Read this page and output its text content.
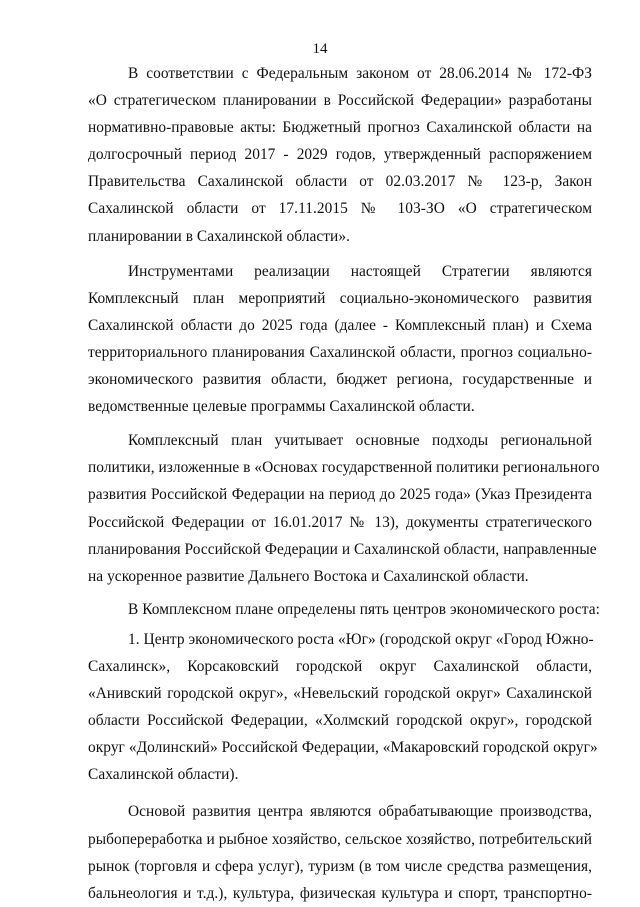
14
В соответствии с Федеральным законом от 28.06.2014 № 172-ФЗ
«О стратегическом планировании в Российской Федерации» разработаны
нормативно-правовые акты: Бюджетный прогноз Сахалинской области на
долгосрочный период 2017 - 2029 годов, утвержденный распоряжением
Правительства Сахалинской области от 02.03.2017 № 123-р, Закон
Сахалинской области от 17.11.2015 № 103-ЗО «О стратегическом
планировании в Сахалинской области».
Инструментами реализации настоящей Стратегии являются
Комплексный план мероприятий социально-экономического развития
Сахалинской области до 2025 года (далее - Комплексный план) и Схема
территориального планирования Сахалинской области, прогноз социально-
экономического развития области, бюджет региона, государственные и
ведомственные целевые программы Сахалинской области.
Комплексный план учитывает основные подходы региональной
политики, изложенные в «Основах государственной политики регионального
развития Российской Федерации на период до 2025 года» (Указ Президента
Российской Федерации от 16.01.2017 № 13), документы стратегического
планирования Российской Федерации и Сахалинской области, направленные
на ускоренное развитие Дальнего Востока и Сахалинской области.
В Комплексном плане определены пять центров экономического роста:
1. Центр экономического роста «Юг» (городской округ «Город Южно-
Сахалинск», Корсаковский городской округ Сахалинской области,
«Анивский городской округ», «Невельский городской округ» Сахалинской
области Российской Федерации, «Холмский городской округ», городской
округ «Долинский» Российской Федерации, «Макаровский городской округ»
Сахалинской области).
Основой развития центра являются обрабатывающие производства,
рыбопереработка и рыбное хозяйство, сельское хозяйство, потребительский
рынок (торговля и сфера услуг), туризм (в том числе средства размещения,
бальнеология и т.д.), культура, физическая культура и спорт, транспортно-
